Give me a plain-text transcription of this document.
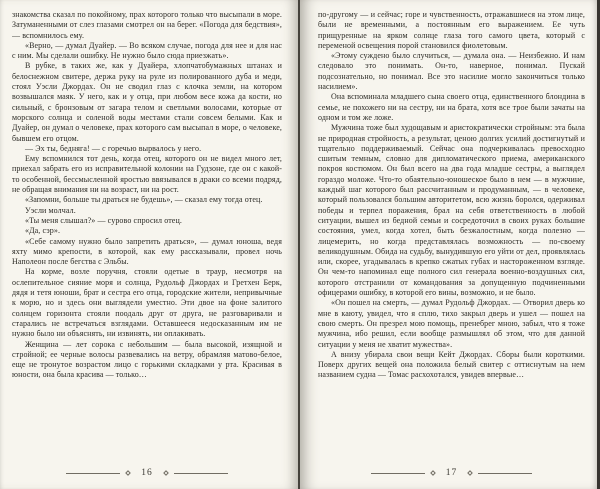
знакомства сказал по покойному, прах которого только что высыпали в море. Затуманенными от слез глазами смотрел он на берег. «Погода для бедствия», — вспомнилось ему.

«Верно, — думал Дуайер. — Во всяком случае, погода для нее и для нас с ним. Мы сделали ошибку. Не нужно было сюда приезжать».

В рубке, в таких же, как у Дуайера, хлопчатобумажных штанах и белоснежном свитере, держа руку на руле из полированного дуба и меди, стоял Уэсли Джордах. Он не сводил глаз с клочка земли, на котором возвышался маяк. У него, как и у отца, при любом весе кожа да кости, но сильный, с бронзовым от загара телом и светлыми волосами, которые от морского солнца и соленой воды местами стали совсем белыми. Как и Дуайер, он думал о человеке, прах которого сам высыпал в море, о человеке, бывшем его отцом.

— Эх ты, бедняга! — с горечью вырвалось у него.

Ему вспомнился тот день, когда отец, которого он не видел много лет, приехал забрать его из исправительной колонии на Гудзоне, где он с какой-то особенной, бессмысленной яростью ввязывался в драки со всеми подряд, не обращая внимания ни на возраст, ни на рост.

«Запомни, больше ты драться не будешь», — сказал ему тогда отец.

Уэсли молчал.

«Ты меня слышал?» — сурово спросил отец.

«Да, сэр».

«Себе самому нужно было запретить драться», — думал юноша, ведя яхту мимо крепости, в которой, как ему рассказывали, провел ночь Наполеон после бегства с Эльбы.

На корме, возле поручня, стояли одетые в траур, несмотря на ослепительное сияние моря и солнца, Рудольф Джордах и Гретхен Берк, дядя и тетя юноши, брат и сестра его отца, городские жители, непривычные к морю, но и здесь они выглядели уместно. Эти двое на фоне залитого солнцем горизонта стояли поодаль друг от друга, не разговаривали и старались не встречаться взглядами. Оставшееся недосказанным им не нужно было ни объяснять, ни извинять, ни оплакивать.

Женщина — лет сорока с небольшим — была высокой, изящной и стройной; ее черные волосы развевались на ветру, обрамляя матово-белое, еще не тронутое возрастом лицо с горькими складками у рта. Красивая в юности, она была красива — только…

16

по-другому — и сейчас; горе и чувственность, отражавшиеся на этом лице, были не временными, а постоянным его выражением. Ее чуть прищуренные на ярком солнце глаза того самого цвета, который с переменой освещения порой становился фиолетовым.

«Этому суждено было случиться, — думала она. — Неизбежно. И нам следовало это понимать. Он-то, наверное, понимал. Пускай подсознательно, но понимал. Все это насилие могло закончиться только насилием».

Она вспоминала младшего сына своего отца, единственного блондина в семье, не похожего ни на сестру, ни на брата, хотя все трое были зачаты на одном и том же ложе.

Мужчина тоже был худощавым и аристократически стройным: эта была не природная стройность, а результат, ценою долгих усилий достигнутый и тщательно поддерживаемый. Сейчас она подчеркивалась превосходно сшитым темным, словно для дипломатического приема, американского покроя костюмом. Он был всего на два года младше сестры, а выглядел гораздо моложе. Что-то обаятельно-юношеское было в нем — в мужчине, каждый шаг которого был рассчитанным и продуманным, — в человеке, который пользовался большим авторитетом, всю жизнь боролся, одерживал победы и терпел поражения, брал на себя ответственность в любой ситуации, вышел из бедной семьи и сосредоточил в своих руках большие состояния, умел, когда хотел, быть безжалостным, когда полезно — лицемерить, но когда представлялась возможность — по-своему великодушным. Обида на судьбу, вынудившую его уйти от дел, проявлялась или, скорее, угадывалась в крепко сжатых губах и настороженном взгляде. Он чем-то напоминал еще полного сил генерала военно-воздушных сил, которого отстранили от командования за допущенную подчиненными офицерами ошибку, в которой его вины, возможно, и не было.

«Он пошел на смерть, — думал Рудольф Джордах. — Отворил дверь ко мне в каюту, увидел, что я сплю, тихо закрыл дверь и ушел — пошел на свою смерть. Он презрел мою помощь, пренебрег мною, забыл, что я тоже мужчина, ибо решил, если вообще размышлял об этом, что для данной ситуации у меня не хватит мужества».

А внизу убирала свои вещи Кейт Джордах. Сборы были короткими. Поверх других вещей она положила белый свитер с оттиснутым на нем названием судна — Томас расхохотался, увидев впервые…

17
